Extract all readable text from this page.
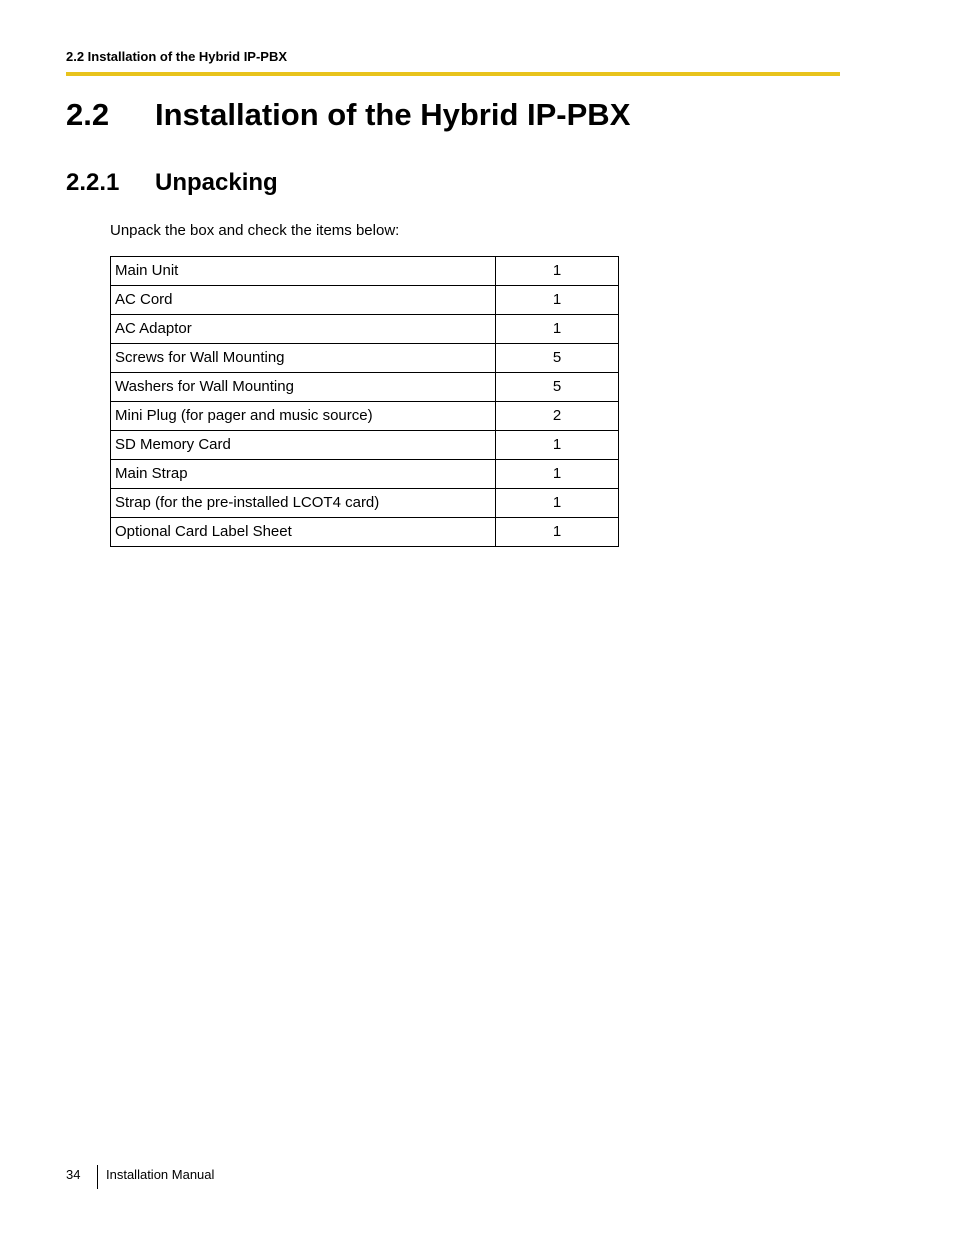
2.2 Installation of the Hybrid IP-PBX
2.2 Installation of the Hybrid IP-PBX
2.2.1 Unpacking

Unpack the box and check the items below:

Main Unit	1
AC Cord	1
AC Adaptor	1
Screws for Wall Mounting	5
Washers for Wall Mounting	5
Mini Plug (for pager and music source)	2
SD Memory Card	1
Main Strap	1
Strap (for the pre-installed LCOT4 card)	1
Optional Card Label Sheet	1
34 Installation Manual
